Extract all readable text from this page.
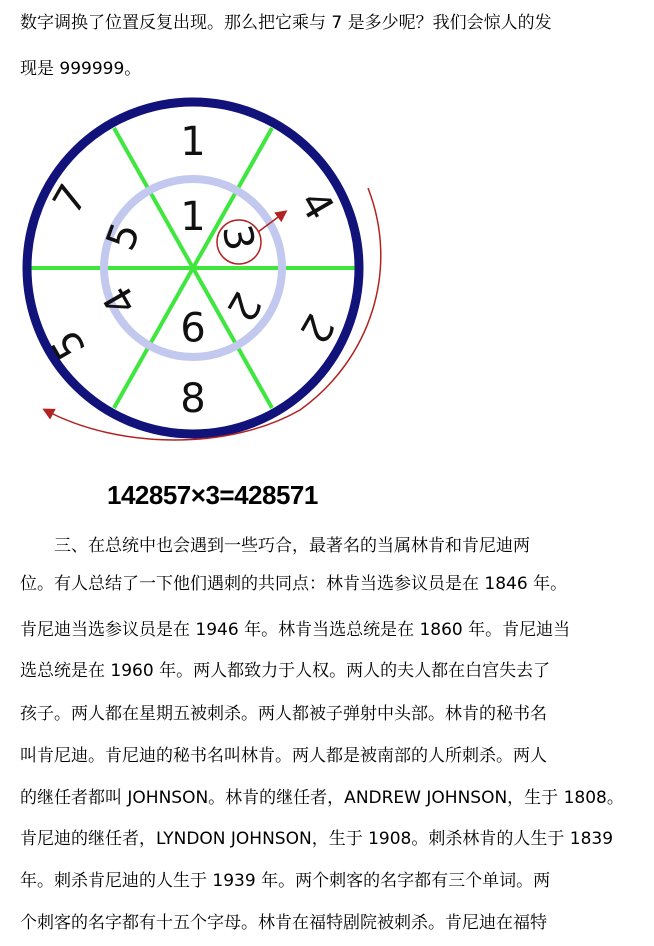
数字调换了位置反复出现。那么把它乘与 7 是多少呢？我们会惊人的发
现是 999999。
1
4
2
8
5
7 1 3
2
9
4
5
142857×3=428571
　　三、在总统中也会遇到一些巧合，最著名的当属林肯和肯尼迪两
位。有人总结了一下他们遇刺的共同点：林肯当选参议员是在 1846 年。
肯尼迪当选参议员是在 1946 年。林肯当选总统是在 1860 年。肯尼迪当
选总统是在 1960 年。两人都致力于人权。两人的夫人都在白宫失去了
孩子。两人都在星期五被刺杀。两人都被子弹射中头部。林肯的秘书名
叫肯尼迪。肯尼迪的秘书名叫林肯。两人都是被南部的人所刺杀。两人
的继任者都叫 JOHNSON。林肯的继任者，ANDREW JOHNSON，生于 1808。
肯尼迪的继任者，LYNDON JOHNSON，生于 1908。刺杀林肯的人生于 1839
年。刺杀肯尼迪的人生于 1939 年。两个刺客的名字都有三个单词。两
个刺客的名字都有十五个字母。林肯在福特剧院被刺杀。肯尼迪在福特
